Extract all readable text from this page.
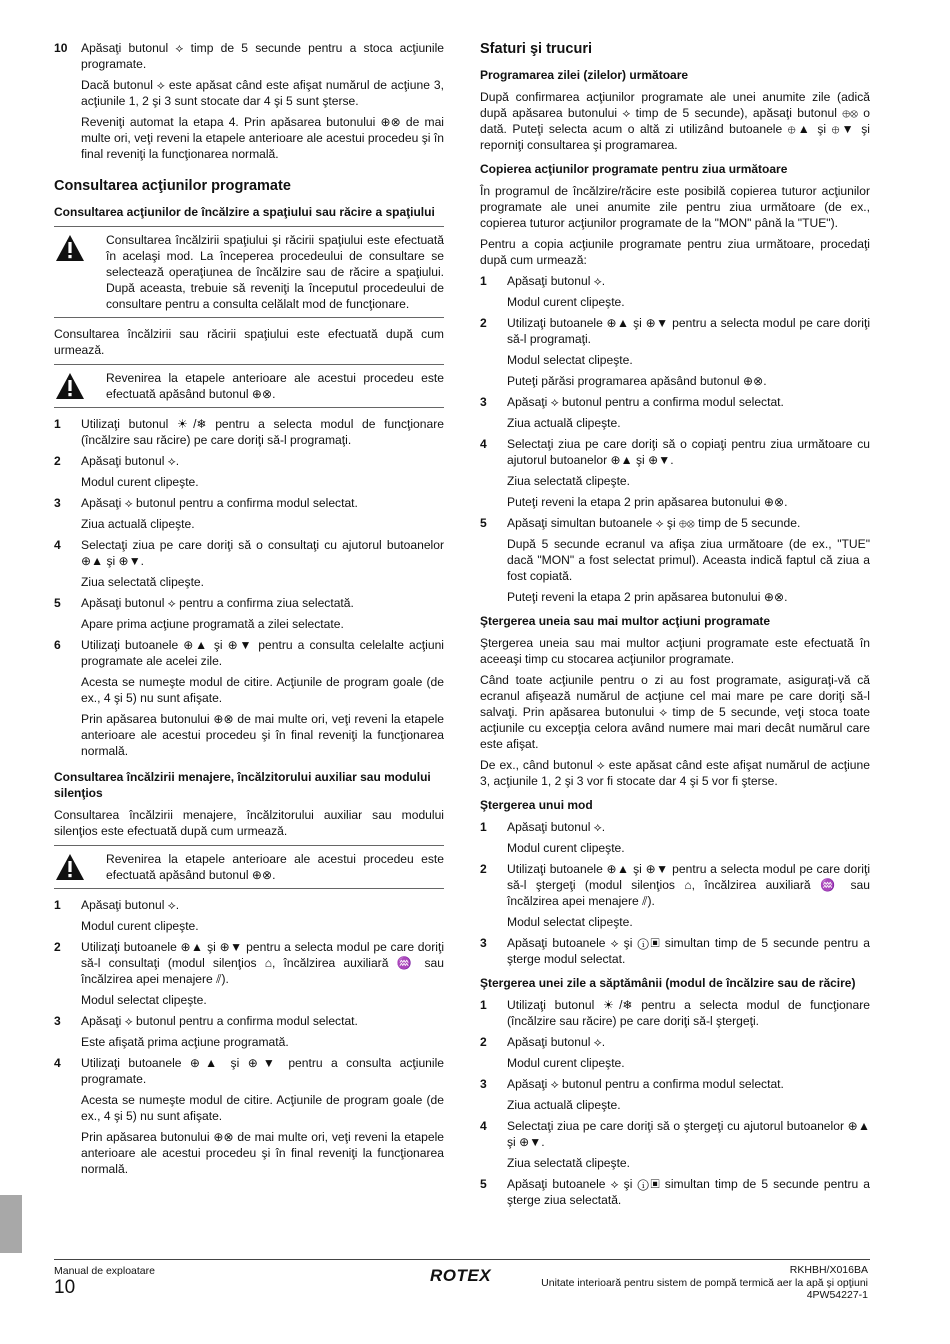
10 Apăsaţi butonul ⟡ timp de 5 secunde pentru a stoca acţiunile programate.

Dacă butonul ⟡ este apăsat când este afişat numărul de acţiune 3, acţiunile 1, 2 şi 3 sunt stocate dar 4 şi 5 sunt şterse.

Reveniţi automat la etapa 4. Prin apăsarea butonului ⊕⊗ de mai multe ori, veţi reveni la etapele anterioare ale acestui procedeu şi în final reveniţi la funcţionarea normală.

Consultarea acţiunilor programate
Consultarea acţiunilor de încălzire a spaţiului sau răcire a spaţiului

Consultarea încălzirii spaţiului şi răcirii spaţiului este efectuată în acelaşi mod. La începerea procedeului de consultare se selectează operaţiunea de încălzire sau de răcire a spaţiului. După aceasta, trebuie să reveniţi la începutul procedeului de consultare pentru a consulta celălalt mod de funcţionare.

Consultarea încălzirii sau răcirii spaţiului este efectuată după cum urmează.

Revenirea la etapele anterioare ale acestui procedeu este efectuată apăsând butonul ⊕⊗.

1 Utilizaţi butonul ☀/❄ pentru a selecta modul de funcţionare (încălzire sau răcire) pe care doriţi să-l programaţi.

2 Apăsaţi butonul ⟡.

Modul curent clipeşte.

3 Apăsaţi ⟡ butonul pentru a confirma modul selectat.

Ziua actuală clipeşte.

4 Selectaţi ziua pe care doriţi să o consultaţi cu ajutorul butoanelor ⊕▲ şi ⊕▼.

Ziua selectată clipeşte.

5 Apăsaţi butonul ⟡ pentru a confirma ziua selectată.

Apare prima acţiune programată a zilei selectate.

6 Utilizaţi butoanele ⊕▲ şi ⊕▼ pentru a consulta celelalte acţiuni programate ale acelei zile.

Acesta se numeşte modul de citire. Acţiunile de program goale (de ex., 4 şi 5) nu sunt afişate.

Prin apăsarea butonului ⊕⊗ de mai multe ori, veţi reveni la etapele anterioare ale acestui procedeu şi în final reveniţi la funcţionarea normală.

Consultarea încălzirii menajere, încălzitorului auxiliar sau modului silenţios

Consultarea încălzirii menajere, încălzitorului auxiliar sau modului silenţios este efectuată după cum urmează.

Revenirea la etapele anterioare ale acestui procedeu este efectuată apăsând butonul ⊕⊗.

1 Apăsaţi butonul ⟡.

Modul curent clipeşte.

2 Utilizaţi butoanele ⊕▲ şi ⊕▼ pentru a selecta modul pe care doriţi să-l consultaţi (modul silenţios ⌂, încălzirea auxiliară ♒ sau încălzirea apei menajere ⫽).

Modul selectat clipeşte.

3 Apăsaţi ⟡ butonul pentru a confirma modul selectat.

Este afişată prima acţiune programată.

4 Utilizaţi butoanele ⊕▲ şi ⊕▼ pentru a consulta acţiunile programate.

Acesta se numeşte modul de citire. Acţiunile de program goale (de ex., 4 şi 5) nu sunt afişate.

Prin apăsarea butonului ⊕⊗ de mai multe ori, veţi reveni la etapele anterioare ale acestui procedeu şi în final reveniţi la funcţionarea normală.

Sfaturi şi trucuri
Programarea zilei (zilelor) următoare

După confirmarea acţiunilor programate ale unei anumite zile (adică după apăsarea butonului ⟡ timp de 5 secunde), apăsaţi butonul ⊕⊗ o dată. Puteţi selecta acum o altă zi utilizând butoanele ⊕▲ şi ⊕▼ şi reporniţi consultarea şi programarea.

Copierea acţiunilor programate pentru ziua următoare

În programul de încălzire/răcire este posibilă copierea tuturor acţiunilor programate ale unei anumite zile pentru ziua următoare (de ex., copierea tuturor acţiunilor programate de la "MON" până la "TUE").

Pentru a copia acţiunile programate pentru ziua următoare, procedaţi după cum urmează:

1 Apăsaţi butonul ⟡.

Modul curent clipeşte.

2 Utilizaţi butoanele ⊕▲ şi ⊕▼ pentru a selecta modul pe care doriţi să-l programaţi.

Modul selectat clipeşte.

Puteţi părăsi programarea apăsând butonul ⊕⊗.

3 Apăsaţi ⟡ butonul pentru a confirma modul selectat.

Ziua actuală clipeşte.

4 Selectaţi ziua pe care doriţi să o copiaţi pentru ziua următoare cu ajutorul butoanelor ⊕▲ şi ⊕▼.

Ziua selectată clipeşte.

Puteţi reveni la etapa 2 prin apăsarea butonului ⊕⊗.

5 Apăsaţi simultan butoanele ⟡ şi ⊕⊗ timp de 5 secunde.

După 5 secunde ecranul va afişa ziua următoare (de ex., "TUE" dacă "MON" a fost selectat primul). Aceasta indică faptul că ziua a fost copiată.

Puteţi reveni la etapa 2 prin apăsarea butonului ⊕⊗.

Ştergerea uneia sau mai multor acţiuni programate

Ştergerea uneia sau mai multor acţiuni programate este efectuată în aceeaşi timp cu stocarea acţiunilor programate.

Când toate acţiunile pentru o zi au fost programate, asiguraţi-vă că ecranul afişează numărul de acţiune cel mai mare pe care doriţi să-l salvaţi. Prin apăsarea butonului ⟡ timp de 5 secunde, veţi stoca toate acţiunile cu excepţia celora având numere mai mari decât numărul care este afişat.

De ex., când butonul ⟡ este apăsat când este afişat numărul de acţiune 3, acţiunile 1, 2 şi 3 vor fi stocate dar 4 şi 5 vor fi şterse.

Ştergerea unui mod
1 Apăsaţi butonul ⟡.

Modul curent clipeşte.

2 Utilizaţi butoanele ⊕▲ şi ⊕▼ pentru a selecta modul pe care doriţi să-l ştergeţi (modul silenţios ⌂, încălzirea auxiliară ♒ sau încălzirea apei menajere ⫽).

Modul selectat clipeşte.

3 Apăsaţi butoanele ⟡ şi ⓘ▣ simultan timp de 5 secunde pentru a şterge modul selectat.

Ştergerea unei zile a săptămânii (modul de încălzire sau de răcire)
1 Utilizaţi butonul ☀/❄ pentru a selecta modul de funcţionare (încălzire sau răcire) pe care doriţi să-l ştergeţi.

2 Apăsaţi butonul ⟡.

Modul curent clipeşte.

3 Apăsaţi ⟡ butonul pentru a confirma modul selectat.

Ziua actuală clipeşte.

4 Selectaţi ziua pe care doriţi să o ştergeţi cu ajutorul butoanelor ⊕▲ şi ⊕▼.

Ziua selectată clipeşte.

5 Apăsaţi butoanele ⟡ şi ⓘ▣ simultan timp de 5 secunde pentru a şterge ziua selectată.

Manual de exploatare
10
ROTEX	RKHBH/X016BA
Unitate interioară pentru sistem de pompă termică aer la apă şi opţiuni
4PW54227-1
